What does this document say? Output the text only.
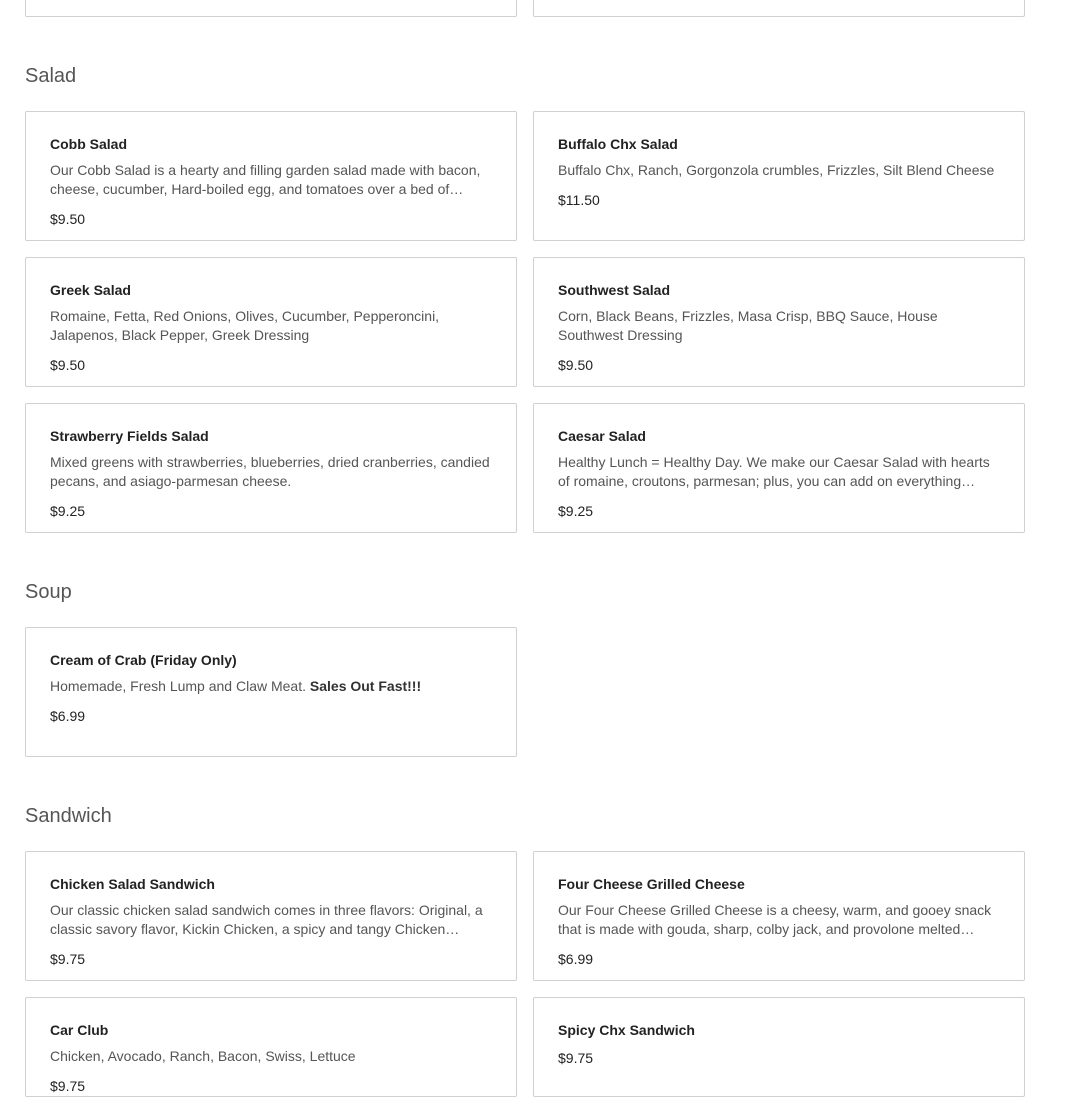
Salad
Cobb Salad
Our Cobb Salad is a hearty and filling garden salad made with bacon, cheese, cucumber, Hard-boiled egg, and tomatoes over a bed of…
$9.50
Buffalo Chx Salad
Buffalo Chx, Ranch, Gorgonzola crumbles, Frizzles, Silt Blend Cheese
$11.50
Greek Salad
Romaine, Fetta, Red Onions, Olives, Cucumber, Pepperoncini, Jalapenos, Black Pepper, Greek Dressing
$9.50
Southwest Salad
Corn, Black Beans, Frizzles, Masa Crisp, BBQ Sauce, House Southwest Dressing
$9.50
Strawberry Fields Salad
Mixed greens with strawberries, blueberries, dried cranberries, candied pecans, and asiago-parmesan cheese.
$9.25
Caesar Salad
Healthy Lunch = Healthy Day. We make our Caesar Salad with hearts of romaine, croutons, parmesan; plus, you can add on everything…
$9.25
Soup
Cream of Crab (Friday Only)
Homemade, Fresh Lump and Claw Meat. Sales Out Fast!!!
$6.99
Sandwich
Chicken Salad Sandwich
Our classic chicken salad sandwich comes in three flavors: Original, a classic savory flavor, Kickin Chicken, a spicy and tangy Chicken…
$9.75
Four Cheese Grilled Cheese
Our Four Cheese Grilled Cheese is a cheesy, warm, and gooey snack that is made with gouda, sharp, colby jack, and provolone melted…
$6.99
Car Club
Chicken, Avocado, Ranch, Bacon, Swiss, Lettuce
$9.75
Spicy Chx Sandwich
$9.75
